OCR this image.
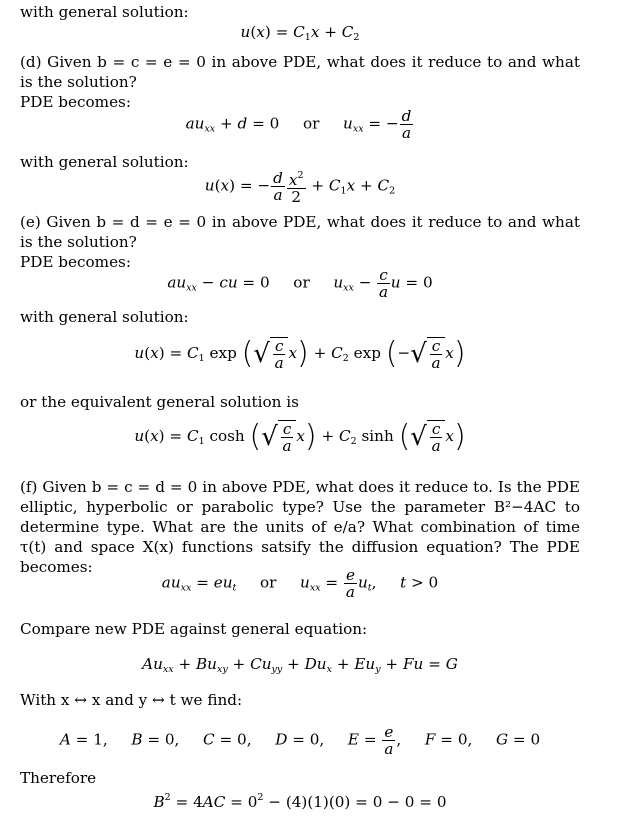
with general solution:

u(x) = C1x + C2

(d) Given b = c = e = 0 in above PDE, what does it reduce to and what is the solution?

PDE becomes:

$au_{xx} + d = 0$  or  $u_{xx}$ = − $\frac{d}{a}$

with general solution:

u(x) = − $\frac{d}{a} \frac{x^2}{2} + C1x + C2$

(e) Given b = d = e = 0 in above PDE, what does it reduce to and what is the solution?

PDE becomes:

$au_{xx}$ − cu = 0  or  $u_{xx} - \frac{c}{a}$ u = 0

with general solution:

u(x) = C1 exp (√ $\frac{c}{a} x) + C2$ exp (−√ $\frac{c}{a} x$)

or the equivalent general solution is

u(x) = C1 cosh (√ $\frac{c}{a} x) + C2$ sinh (√ $\frac{c}{a} x$)

(f) Given b = c = d = 0 in above PDE, what does it reduce to. Is the PDE elliptic, hyperbolic or parabolic type? Use the parameter B²−4AC to determine type. What are the units of e/a? What combination of time τ(t) and space X(x) functions satsify the diffusion equation? The PDE becomes:

$au_{xx} = eu_t$  or  $u_{xx} = \frac{e}{a} u_t$,  t > 0

Compare new PDE against general equation:

$Au_{xx} + Bu_{xy} + Cu_{yy} + Du_x + Eu_y + Fu = G$

With x ↔ x and y ↔ t we find:

A = 1,  B = 0,  C = 0,  D = 0,  $E = \frac{e}{a}$ ,  F = 0,  G = 0

Therefore

$B^2 = 4AC = 0^2 - (4)(1)(0) = 0 - 0 = 0$
